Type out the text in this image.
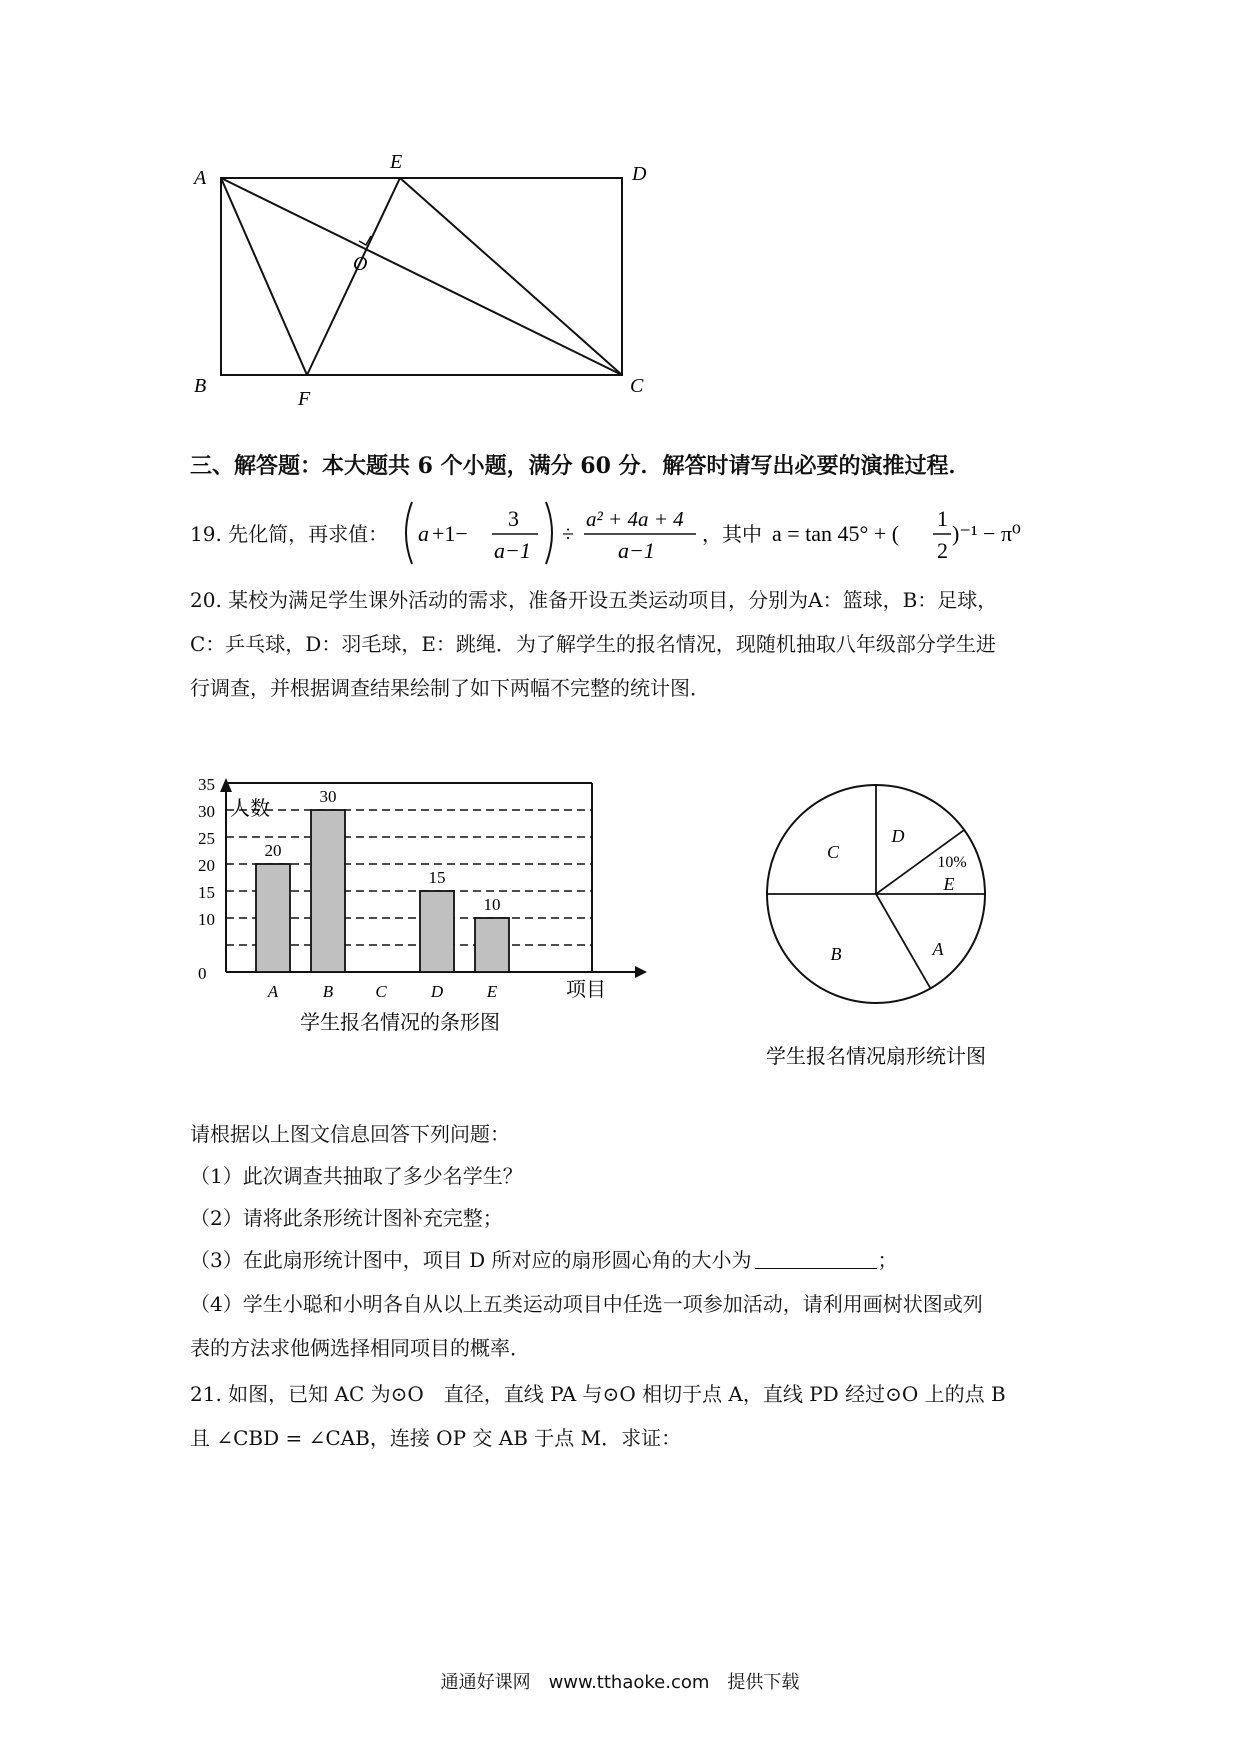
A
E
D
O
B
F
C
三、解答题：本大题共 6 个小题，满分 60 分．解答时请写出必要的演推过程．
19. 先化简，再求值： a +1−
3
a−1
÷
a² + 4a + 4
a−1
，其中 a = tan 45° + (
1
2
)⁻¹ − π⁰
20. 某校为满足学生课外活动的需求，准备开设五类运动项目，分别为A：篮球，B：足球，
C：乒乓球，D：羽毛球，E：跳绳．为了解学生的报名情况，现随机抽取八年级部分学生进
行调查，并根据调查结果绘制了如下两幅不完整的统计图．
35
30
25
20
15
10
0
人数
20
A
30
B C
15
D
10
E	项目
学生报名情况的条形图
C
D
E
10%
A
B
学生报名情况扇形统计图
请根据以上图文信息回答下列问题：
（1）此次调查共抽取了多少名学生？
（2）请将此条形统计图补充完整；
（3）在此扇形统计图中，项目 D 所对应的扇形圆心角的大小为	；
（4）学生小聪和小明各自从以上五类运动项目中任选一项参加活动，请利用画树状图或列
表的方法求他俩选择相同项目的概率．
21. 如图，已知 AC 为⊙O　直径，直线 PA 与⊙O 相切于点 A，直线 PD 经过⊙O 上的点 B
且 ∠CBD = ∠CAB，连接 OP 交 AB 于点 M．求证：
通通好课网　www.tthaoke.com　提供下载
